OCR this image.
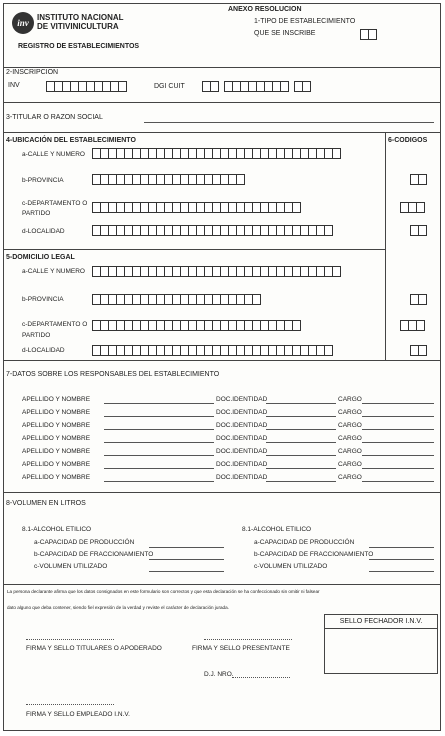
inv
INSTITUTO NACIONAL
DE VITIVINICULTURA
REGISTRO DE ESTABLECIMIENTOS
ANEXO RESOLUCION
1-TIPO DE ESTABLECIMIENTO
QUE SE INSCRIBE
2-INSCRIPCION
INV	DGI CUIT
3-TITULAR O RAZON SOCIAL
4-UBICACIÓN DEL ESTABLECIMIENTO
a-CALLE Y NUMERO
b-PROVINCIA
c-DEPARTAMENTO O
PARTIDO
d-LOCALIDAD
6-CODIGOS
5-DOMICILIO LEGAL
a-CALLE Y NUMERO
b-PROVINCIA
c-DEPARTAMENTO O
PARTIDO
d-LOCALIDAD
7-DATOS SOBRE LOS RESPONSABLES DEL ESTABLECIMIENTO
APELLIDO Y NOMBRE	DOC.IDENTIDAD	CARGO
APELLIDO Y NOMBRE	DOC.IDENTIDAD	CARGO
APELLIDO Y NOMBRE	DOC.IDENTIDAD	CARGO
APELLIDO Y NOMBRE	DOC.IDENTIDAD	CARGO
APELLIDO Y NOMBRE	DOC.IDENTIDAD	CARGO
APELLIDO Y NOMBRE	DOC.IDENTIDAD	CARGO
APELLIDO Y NOMBRE	DOC.IDENTIDAD	CARGO
8-VOLUMEN EN LITROS
8.1-ALCOHOL ETILICO
a-CAPACIDAD DE PRODUCCIÓN
b-CAPACIDAD DE FRACCIONAMIENTO
c-VOLUMEN UTILIZADO
8.1-ALCOHOL ETILICO
a-CAPACIDAD DE PRODUCCIÓN
b-CAPACIDAD DE FRACCIONAMIENTO
c-VOLUMEN UTILIZADO
La persona declarante afirma que los datos consignados en este formulario son correctos y que esta declaración se ha confeccionado sin omitir ni falsear
dato alguno que deba contener, siendo fiel expresión de la verdad y reviste el carácter de declaración jurada.
SELLO FECHADOR I.N.V.
FIRMA Y SELLO TITULARES O APODERADO	FIRMA Y SELLO PRESENTANTE
D.J. NRO.
FIRMA Y SELLO EMPLEADO I.N.V.
